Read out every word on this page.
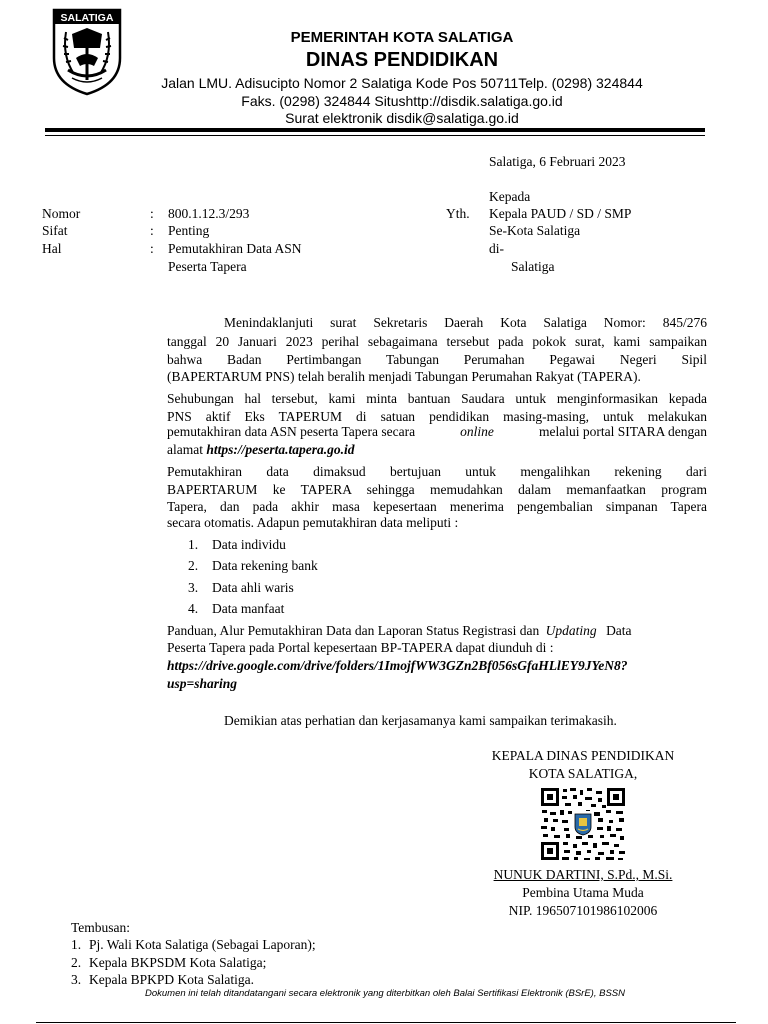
SALATIGA
PEMERINTAH KOTA SALATIGA
DINAS PENDIDIKAN
Jalan LMU. Adisucipto Nomor 2 Salatiga Kode Pos 50711Telp. (0298) 324844
Faks. (0298) 324844 Situshttp://disdik.salatiga.go.id
Surat elektronik disdik@salatiga.go.id
Salatiga, 6 Februari 2023
Kepada
Yth. Kepala PAUD / SD / SMP
Se-Kota Salatiga
di-
Salatiga
Nomor	: 800.1.12.3/293
Sifat	: Penting
Hal	: Pemutakhiran Data ASN
Peserta Tapera
Menindaklanjuti surat Sekretaris Daerah Kota Salatiga Nomor: 845/276
tanggal 20 Januari 2023 perihal sebagaimana tersebut pada pokok surat, kami sampaikan
bahwa Badan Pertimbangan Tabungan Perumahan Pegawai Negeri Sipil
(BAPERTARUM PNS) telah beralih menjadi Tabungan Perumahan Rakyat (TAPERA).
Sehubungan hal tersebut, kami minta bantuan Saudara untuk menginformasikan kepada
PNS aktif Eks TAPERUM di satuan pendidikan masing-masing, untuk melakukan
pemutakhiran data ASN peserta Tapera secara	online	melalui portal SITARA dengan
alamat https://peserta.tapera.go.id
Pemutakhiran data dimaksud bertujuan untuk mengalihkan rekening dari
BAPERTARUM ke TAPERA sehingga memudahkan dalam memanfaatkan program
Tapera, dan pada akhir masa kepesertaan menerima pengembalian simpanan Tapera
secara otomatis. Adapun pemutakhiran data meliputi :
1. Data individu
2. Data rekening bank
3. Data ahli waris
4. Data manfaat
Panduan, Alur Pemutakhiran Data dan Laporan Status Registrasi dan Updating Data
Peserta Tapera pada Portal kepesertaan BP-TAPERA dapat diunduh di :
https://drive.google.com/drive/folders/1ImojfWW3GZn2Bf056sGfaHLlEY9JYeN8?
usp=sharing
Demikian atas perhatian dan kerjasamanya kami sampaikan terimakasih.
KEPALA DINAS PENDIDIKAN
KOTA SALATIGA,
NUNUK DARTINI, S.Pd., M.Si.
Pembina Utama Muda
NIP. 196507101986102006
Tembusan:
1. Pj. Wali Kota Salatiga (Sebagai Laporan);
2. Kepala BKPSDM Kota Salatiga;
3. Kepala BPKPD Kota Salatiga.
Dokumen ini telah ditandatangani secara elektronik yang diterbitkan oleh Balai Sertifikasi Elektronik (BSrE), BSSN
